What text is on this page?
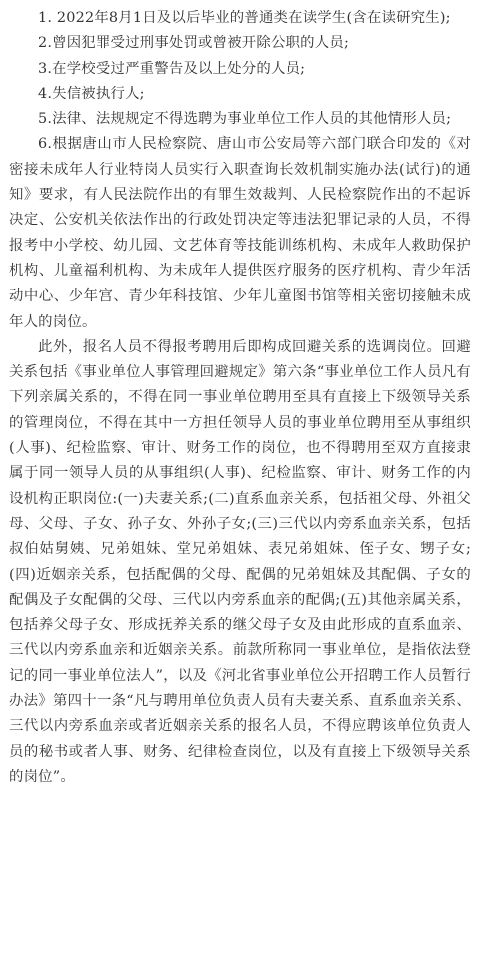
1. 2022年8月1日及以后毕业的普通类在读学生(含在读研究生);

2.曾因犯罪受过刑事处罚或曾被开除公职的人员;

3.在学校受过严重警告及以上处分的人员;

4.失信被执行人;

5.法律、法规规定不得选聘为事业单位工作人员的其他情形人员;

6.根据唐山市人民检察院、唐山市公安局等六部门联合印发的《对密接未成年人行业特岗人员实行入职查询长效机制实施办法(试行)的通知》要求，有人民法院作出的有罪生效裁判、人民检察院作出的不起诉决定、公安机关依法作出的行政处罚决定等违法犯罪记录的人员，不得报考中小学校、幼儿园、文艺体育等技能训练机构、未成年人救助保护机构、儿童福利机构、为未成年人提供医疗服务的医疗机构、青少年活动中心、少年宫、青少年科技馆、少年儿童图书馆等相关密切接触未成年人的岗位。

此外，报名人员不得报考聘用后即构成回避关系的选调岗位。回避关系包括《事业单位人事管理回避规定》第六条“事业单位工作人员凡有下列亲属关系的，不得在同一事业单位聘用至具有直接上下级领导关系的管理岗位，不得在其中一方担任领导人员的事业单位聘用至从事组织(人事)、纪检监察、审计、财务工作的岗位，也不得聘用至双方直接隶属于同一领导人员的从事组织(人事)、纪检监察、审计、财务工作的内设机构正职岗位:(一)夫妻关系;(二)直系血亲关系，包括祖父母、外祖父母、父母、子女、孙子女、外孙子女;(三)三代以内旁系血亲关系，包括叔伯姑舅姨、兄弟姐妹、堂兄弟姐妹、表兄弟姐妹、侄子女、甥子女;(四)近姻亲关系，包括配偶的父母、配偶的兄弟姐妹及其配偶、子女的配偶及子女配偶的父母、三代以内旁系血亲的配偶;(五)其他亲属关系，包括养父母子女、形成抚养关系的继父母子女及由此形成的直系血亲、三代以内旁系血亲和近姻亲关系。前款所称同一事业单位，是指依法登记的同一事业单位法人”，以及《河北省事业单位公开招聘工作人员暂行办法》第四十一条“凡与聘用单位负责人员有夫妻关系、直系血亲关系、三代以内旁系血亲或者近姻亲关系的报名人员，不得应聘该单位负责人员的秘书或者人事、财务、纪律检查岗位，以及有直接上下级领导关系的岗位”。
